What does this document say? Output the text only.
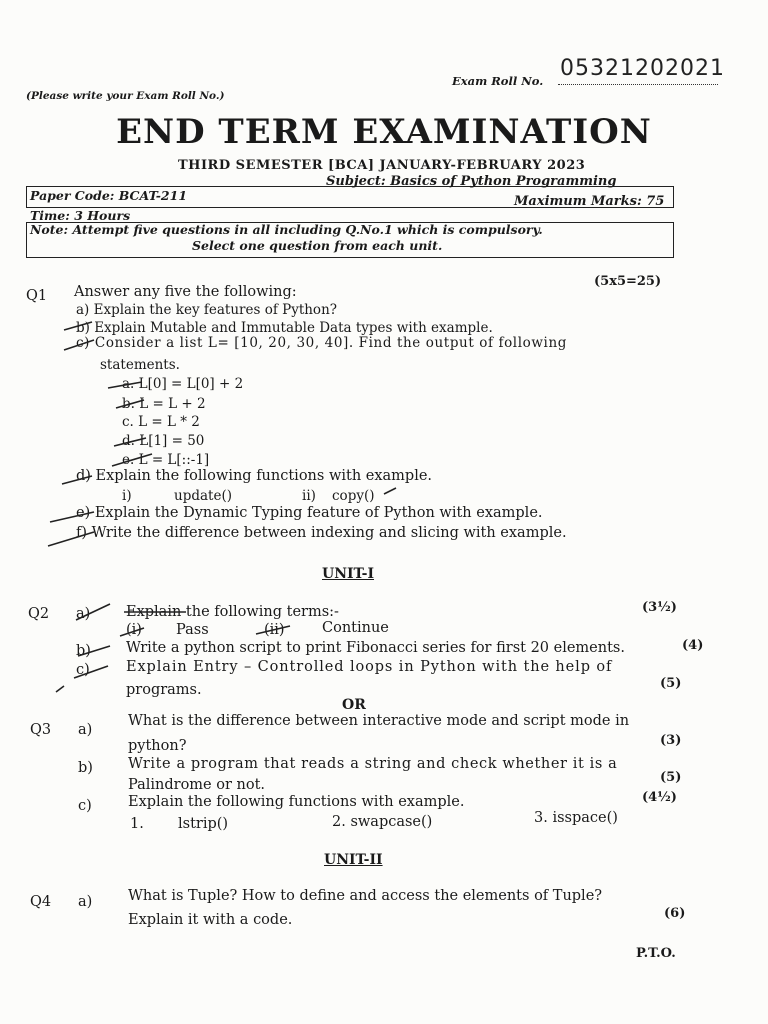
(Please write your Exam Roll No.)
Exam Roll No. 05321202021
END TERM EXAMINATION
THIRD SEMESTER [BCA] JANUARY-FEBRUARY 2023
Paper Code: BCAT-211
Subject: Basics of Python Programming
Time: 3 Hours
Maximum Marks: 75
Note: Attempt five questions in all including Q.No.1 which is compulsory.
Select one question from each unit.
Q1 Answer any five the following:
(5x5=25)
a) Explain the key features of Python?
b) Explain Mutable and Immutable Data types with example.
c) Consider a list L= [10, 20, 30, 40]. Find the output of following
statements.
a. L[0] = L[0] + 2
b. L = L + 2
c. L = L * 2
d. L[1] = 50
e. L = L[::-1]
d) Explain the following functions with example.
i)	update()	ii) copy()
e) Explain the Dynamic Typing feature of Python with example.
f) Write the difference between indexing and slicing with example.
UNIT-I
Q2 a) Explain the following terms:-	(3½)
(i) Pass	(ii)	Continue
b) Write a python script to print Fibonacci series for first 20 elements.	(4)
c) Explain Entry – Controlled loops in Python with the help of
programs.	(5)
OR
Q3 a)
What is the difference between interactive mode and script mode in
python?	(3)
b) Write a program that reads a string and check whether it is a
Palindrome or not.	(5)
c) Explain the following functions with example.	(4½)
1. lstrip()	2. swapcase()	3. isspace()
UNIT-II
Q4 a) What is Tuple? How to define and access the elements of Tuple?
Explain it with a code.	(6)
P.T.O.
